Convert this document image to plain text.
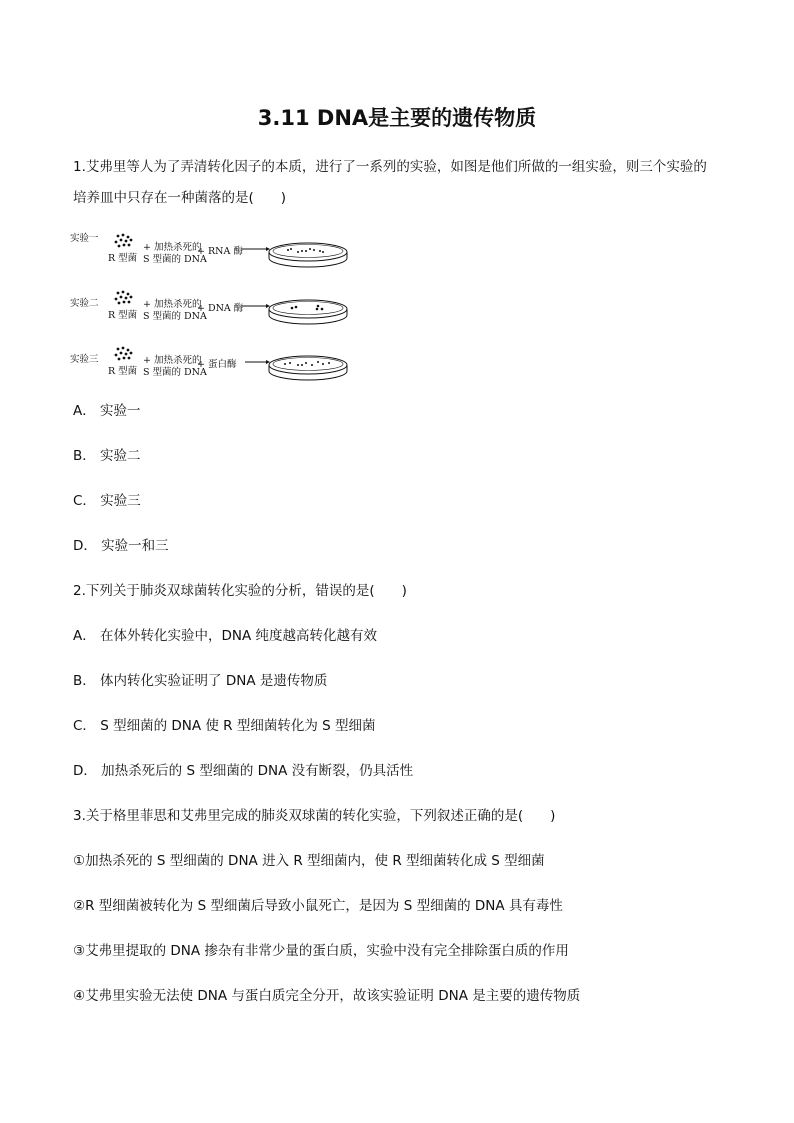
3.11 DNA是主要的遗传物质
1.艾弗里等人为了弄清转化因子的本质，进行了一系列的实验，如图是他们所做的一组实验，则三个实验的
培养皿中只存在一种菌落的是(　　)
实验一
R 型菌
+ 加热杀死的
S 型菌的 DNA
+ RNA 酶
实验二
R 型菌
+ 加热杀死的
S 型菌的 DNA
+ DNA 酶
实验三
R 型菌
+ 加热杀死的
S 型菌的 DNA
+ 蛋白酶
A． 实验一
B． 实验二
C． 实验三
D． 实验一和三
2.下列关于肺炎双球菌转化实验的分析，错误的是(　　)
A． 在体外转化实验中，DNA 纯度越高转化越有效
B． 体内转化实验证明了 DNA 是遗传物质
C． S 型细菌的 DNA 使 R 型细菌转化为 S 型细菌
D． 加热杀死后的 S 型细菌的 DNA 没有断裂，仍具活性
3.关于格里菲思和艾弗里完成的肺炎双球菌的转化实验，下列叙述正确的是(　　)
①加热杀死的 S 型细菌的 DNA 进入 R 型细菌内，使 R 型细菌转化成 S 型细菌
②R 型细菌被转化为 S 型细菌后导致小鼠死亡，是因为 S 型细菌的 DNA 具有毒性
③艾弗里提取的 DNA 掺杂有非常少量的蛋白质，实验中没有完全排除蛋白质的作用
④艾弗里实验无法使 DNA 与蛋白质完全分开，故该实验证明 DNA 是主要的遗传物质
